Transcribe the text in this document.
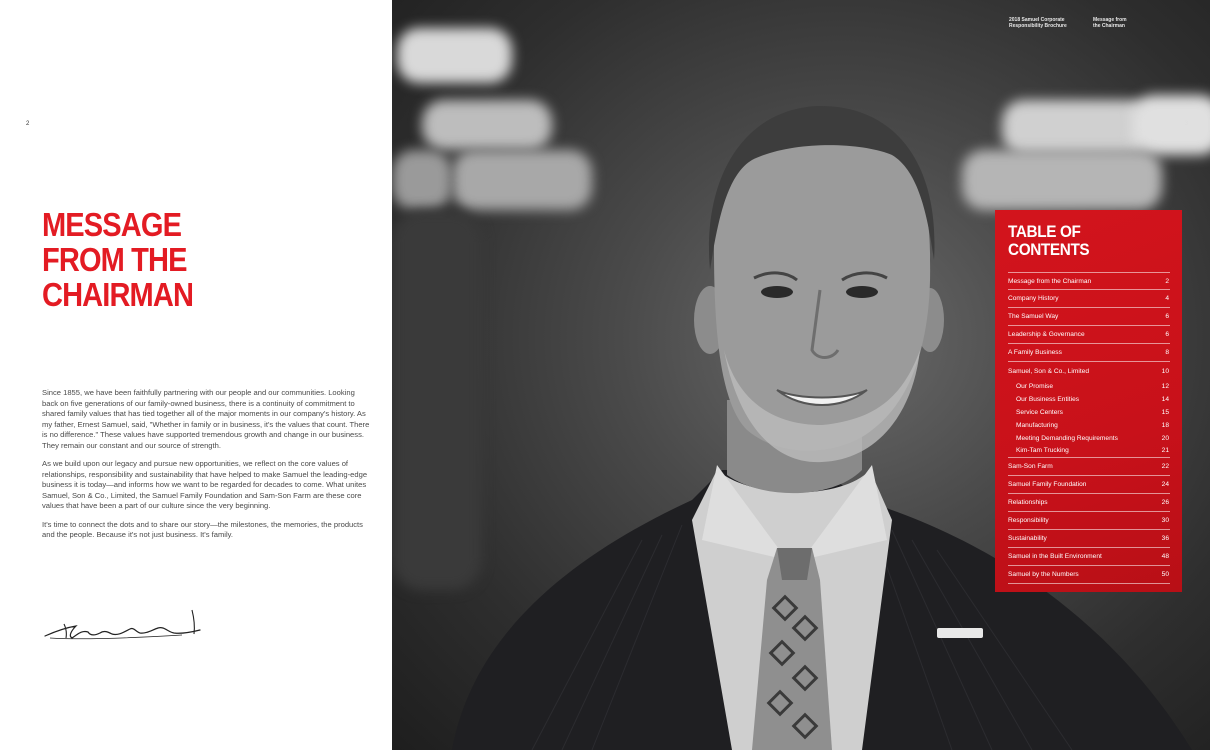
2
MESSAGE
FROM THE
CHAIRMAN

Since 1855, we have been faithfully partnering with our people and our communities. Looking back on five generations of our family-owned business, there is a continuity of commitment to shared family values that has tied together all of the major moments in our company's history. As my father, Ernest Samuel, said, "Whether in family or in business, it's the values that count. There is no difference." These values have supported tremendous growth and change in our business. They remain our constant and our source of strength.

As we build upon our legacy and pursue new opportunities, we reflect on the core values of relationships, responsibility and sustainability that have helped to make Samuel the leading-edge business it is today—and informs how we want to be regarded for decades to come. What unites Samuel, Son & Co., Limited, the Samuel Family Foundation and Sam-Son Farm are these core values that have been a part of our culture since the very beginning.

It's time to connect the dots and to share our story—the milestones, the memories, the products and the people. Because it's not just business. It's family.

2018 Samuel Corporate
Responsibility Brochure
Message from
the Chairman
3
TABLE OF
CONTENTS
Message from the Chairman	2
Company History	4
The Samuel Way	6
Leadership & Governance	6
A Family Business	8
Samuel, Son & Co., Limited	10
Our Promise	12
Our Business Entities	14
Service Centers	15
Manufacturing	18
Meeting Demanding Requirements	20
Kim-Tam Trucking	21
Sam-Son Farm	22
Samuel Family Foundation	24
Relationships	26
Responsibility	30
Sustainability	36
Samuel in the Built Environment	48
Samuel by the Numbers	50
